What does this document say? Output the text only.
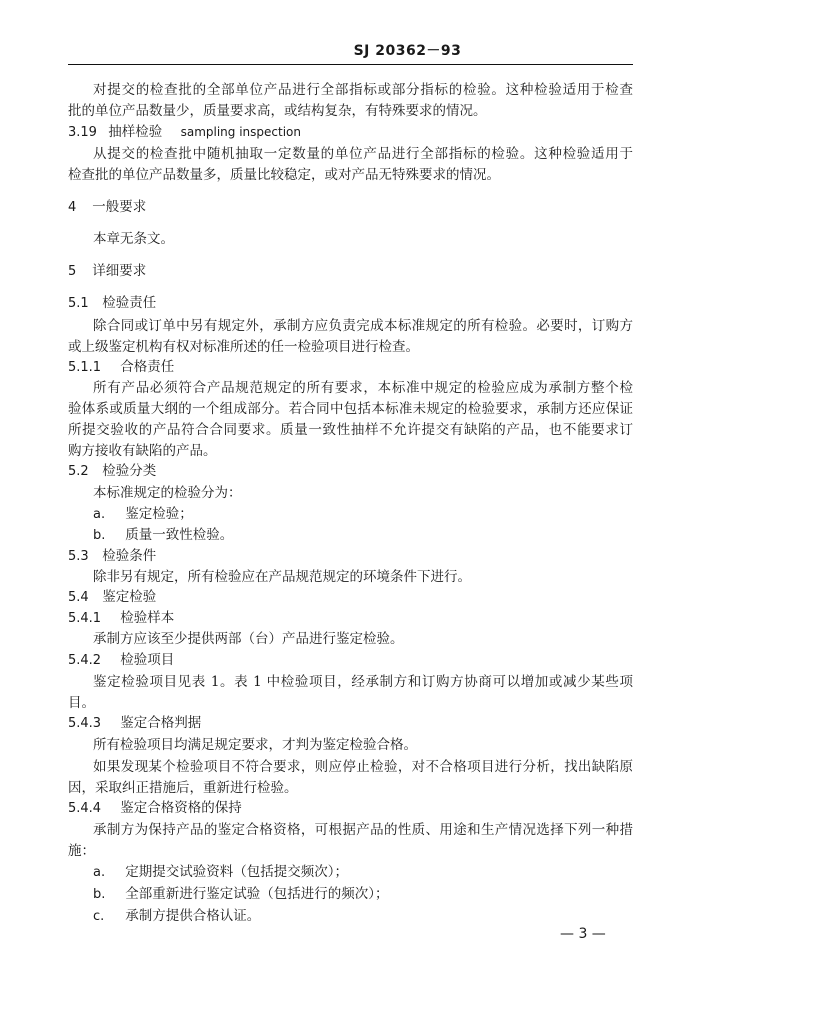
SJ 20362－93
对提交的检查批的全部单位产品进行全部指标或部分指标的检验。这种检验适用于检查
批的单位产品数量少，质量要求高，或结构复杂，有特殊要求的情况。
3.19 抽样检验 sampling inspection
从提交的检查批中随机抽取一定数量的单位产品进行全部指标的检验。这种检验适用于
检查批的单位产品数量多，质量比较稳定，或对产品无特殊要求的情况。
4 一般要求
本章无条文。
5 详细要求
5.1 检验责任
除合同或订单中另有规定外，承制方应负责完成本标准规定的所有检验。必要时，订购方
或上级鉴定机构有权对标准所述的任一检验项目进行检查。
5.1.1 合格责任
所有产品必须符合产品规范规定的所有要求，本标准中规定的检验应成为承制方整个检
验体系或质量大纲的一个组成部分。若合同中包括本标准未规定的检验要求，承制方还应保证
所提交验收的产品符合合同要求。质量一致性抽样不允许提交有缺陷的产品，也不能要求订
购方接收有缺陷的产品。
5.2 检验分类
本标准规定的检验分为：
a. 鉴定检验；
b. 质量一致性检验。
5.3 检验条件
除非另有规定，所有检验应在产品规范规定的环境条件下进行。
5.4 鉴定检验
5.4.1 检验样本
承制方应该至少提供两部（台）产品进行鉴定检验。
5.4.2 检验项目
鉴定检验项目见表 1。表 1 中检验项目，经承制方和订购方协商可以增加或减少某些项
目。
5.4.3 鉴定合格判据
所有检验项目均满足规定要求，才判为鉴定检验合格。
如果发现某个检验项目不符合要求，则应停止检验，对不合格项目进行分析，找出缺陷原
因，采取纠正措施后，重新进行检验。
5.4.4 鉴定合格资格的保持
承制方为保持产品的鉴定合格资格，可根据产品的性质、用途和生产情况选择下列一种措
施：
a. 定期提交试验资料（包括提交频次）；
b. 全部重新进行鉴定试验（包括进行的频次）；
c. 承制方提供合格认证。
— 3 —
